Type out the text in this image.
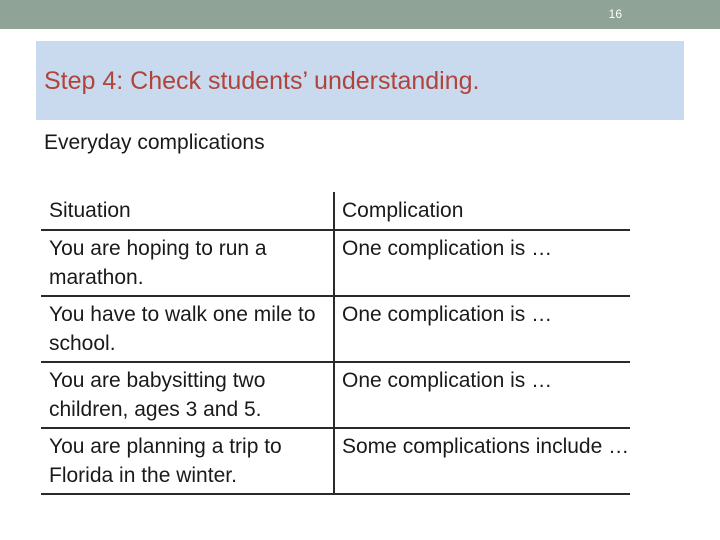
16
Step 4: Check students’ understanding.
Everyday complications
Situation	Complication
You are hoping to run a marathon.	One complication is …
You have to walk one mile to school.	One complication is …
You are babysitting two children, ages 3 and 5.	One complication is …
You are planning a trip to Florida in the winter.	Some complications include …
